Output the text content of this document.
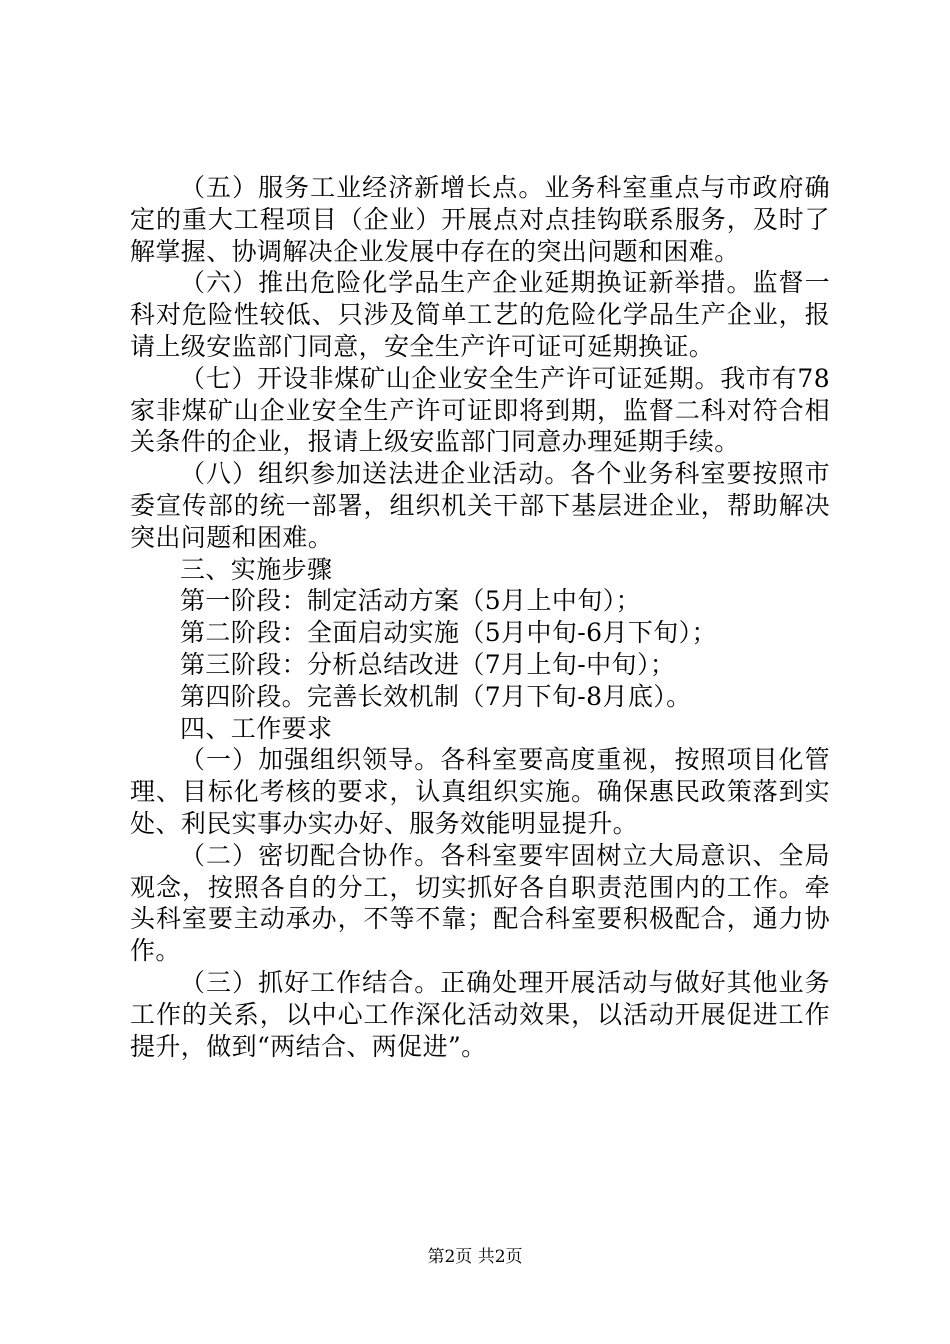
（五）服务工业经济新增长点。业务科室重点与市政府确定的重大工程项目（企业）开展点对点挂钩联系服务，及时了解掌握、协调解决企业发展中存在的突出问题和困难。

（六）推出危险化学品生产企业延期换证新举措。监督一科对危险性较低、只涉及简单工艺的危险化学品生产企业，报请上级安监部门同意，安全生产许可证可延期换证。

（七）开设非煤矿山企业安全生产许可证延期。我市有78家非煤矿山企业安全生产许可证即将到期，监督二科对符合相关条件的企业，报请上级安监部门同意办理延期手续。

（八）组织参加送法进企业活动。各个业务科室要按照市委宣传部的统一部署，组织机关干部下基层进企业，帮助解决突出问题和困难。

三、实施步骤

第一阶段：制定活动方案（5月上中旬）；

第二阶段：全面启动实施（5月中旬-6月下旬）；

第三阶段：分析总结改进（7月上旬-中旬）；

第四阶段。完善长效机制（7月下旬-8月底）。

四、工作要求

（一）加强组织领导。各科室要高度重视，按照项目化管理、目标化考核的要求，认真组织实施。确保惠民政策落到实处、利民实事办实办好、服务效能明显提升。

（二）密切配合协作。各科室要牢固树立大局意识、全局观念，按照各自的分工，切实抓好各自职责范围内的工作。牵头科室要主动承办，不等不靠；配合科室要积极配合，通力协作。

（三）抓好工作结合。正确处理开展活动与做好其他业务工作的关系，以中心工作深化活动效果，以活动开展促进工作提升，做到“两结合、两促进”。

第2页 共2页
